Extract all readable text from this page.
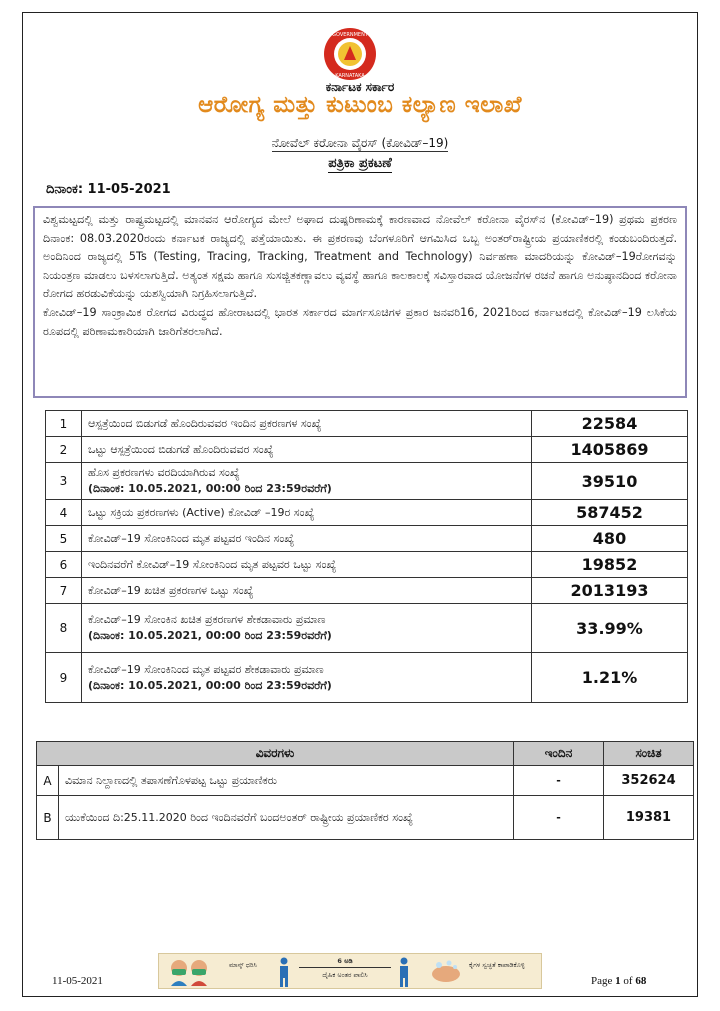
GOVERNMENT
KARNATAKA
ಕರ್ನಾಟಕ ಸರ್ಕಾರ
ಆರೋಗ್ಯ ಮತ್ತು ಕುಟುಂಬ ಕಲ್ಯಾಣ ಇಲಾಖೆ
ನೋವೆಲ್ ಕರೋನಾ ವೈರಸ್ (ಕೋವಿಡ್–19)
ಪತ್ರಿಕಾ ಪ್ರಕಟಣೆ
ದಿನಾಂಕ: 11-05-2021

ವಿಶ್ವಮಟ್ಟದಲ್ಲಿ ಮತ್ತು ರಾಷ್ಟ್ರಮಟ್ಟದಲ್ಲಿ ಮಾನವನ ಆರೋಗ್ಯದ ಮೇಲೆ ಅಘಾದ ದುಷ್ಪರಿಣಾಮಕ್ಕೆ ಕಾರಣವಾದ ನೋವೆಲ್ ಕರೋನಾ ವೈರಸ್‌ನ (ಕೋವಿಡ್–19) ಪ್ರಥಮ ಪ್ರಕರಣ ದಿನಾಂಕ: 08.03.2020ರಂದು ಕರ್ನಾಟಕ ರಾಜ್ಯದಲ್ಲಿ ಪತ್ತೆಯಾಯಿತು. ಈ ಪ್ರಕರಣವು ಬೆಂಗಳೂರಿಗೆ ಆಗಮಿಸಿದ ಒಬ್ಬ ಅಂತರ್‌ರಾಷ್ಟ್ರೀಯ ಪ್ರಯಾಣಿಕರಲ್ಲಿ ಕಂಡುಬಂದಿರುತ್ತದೆ. ಅಂದಿನಿಂದ ರಾಜ್ಯದಲ್ಲಿ 5Ts (Testing, Tracing, Tracking, Treatment and Technology) ನಿರ್ವಹಣಾ ಮಾದರಿಯನ್ನು ಕೋವಿಡ್–19ರೋಗವನ್ನು ನಿಯಂತ್ರಣ ಮಾಡಲು ಬಳಸಲಾಗುತ್ತಿದೆ. ಅತ್ಯಂತ ಸಕ್ಷಮ ಹಾಗೂ ಸುಸಜ್ಜಿತಕಣ್ಣಾವಲು ವ್ಯವಸ್ಥೆ ಹಾಗೂ ಕಾಲಕಾಲಕ್ಕೆ ಸವಿಸ್ತಾರವಾದ ಯೋಜನೆಗಳ ರಚನೆ ಹಾಗೂ ಅನುಷ್ಠಾನದಿಂದ ಕರೋನಾ ರೋಗದ ಹರಡುವಿಕೆಯನ್ನು ಯಶಸ್ವಿಯಾಗಿ ನಿಗ್ರಹಿಸಲಾಗುತ್ತಿದೆ.

ಕೋವಿಡ್–19 ಸಾಂಕ್ರಾಮಿಕ ರೋಗದ ವಿರುದ್ಧದ ಹೋರಾಟದಲ್ಲಿ ಭಾರತ ಸರ್ಕಾರದ ಮಾರ್ಗಸೂಚಿಗಳ ಪ್ರಕಾರ ಜನವರಿ16, 2021ರಿಂದ ಕರ್ನಾಟಕದಲ್ಲಿ ಕೋವಿಡ್–19 ಲಸಿಕೆಯ ರೂಪದಲ್ಲಿ ಪರಿಣಾಮಕಾರಿಯಾಗಿ ಜಾರಿಗೆತರಲಾಗಿದೆ.

1	ಆಸ್ಪತ್ರೆಯಿಂದ ಬಿಡುಗಡೆ ಹೊಂದಿರುವವರ ಇಂದಿನ ಪ್ರಕರಣಗಳ ಸಂಖ್ಯೆ	22584
2	ಒಟ್ಟು ಆಸ್ಪತ್ರೆಯಿಂದ ಬಿಡುಗಡೆ ಹೊಂದಿರುವವರ ಸಂಖ್ಯೆ	1405869
3	ಹೊಸ ಪ್ರಕರಣಗಳು ವರದಿಯಾಗಿರುವ ಸಂಖ್ಯೆ
(ದಿನಾಂಕ: 10.05.2021, 00:00 ರಿಂದ 23:59ರವರೆಗೆ)	39510
4	ಒಟ್ಟು ಸಕ್ರಿಯ ಪ್ರಕರಣಗಳು (Active) ಕೋವಿಡ್ –19ರ ಸಂಖ್ಯೆ	587452
5	ಕೋವಿಡ್–19 ಸೋಂಕಿನಿಂದ ಮೃತ ಪಟ್ಟವರ ಇಂದಿನ ಸಂಖ್ಯೆ	480
6	ಇಂದಿನವರೆಗೆ ಕೋವಿಡ್–19 ಸೋಂಕಿನಿಂದ ಮೃತ ಪಟ್ಟವರ ಒಟ್ಟು ಸಂಖ್ಯೆ	19852
7	ಕೋವಿಡ್–19 ಖಚಿತ ಪ್ರಕರಣಗಳ ಒಟ್ಟು ಸಂಖ್ಯೆ	2013193
8	ಕೋವಿಡ್–19 ಸೋಂಕಿನ ಖಚಿತ ಪ್ರಕರಣಗಳ ಶೇಕಡಾವಾರು ಪ್ರಮಾಣ
(ದಿನಾಂಕ: 10.05.2021, 00:00 ರಿಂದ 23:59ರವರೆಗೆ)	33.99%
9	ಕೋವಿಡ್–19 ಸೋಂಕಿನಿಂದ ಮೃತ ಪಟ್ಟವರ ಶೇಕಡಾವಾರು ಪ್ರಮಾಣ
(ದಿನಾಂಕ: 10.05.2021, 00:00 ರಿಂದ 23:59ರವರೆಗೆ)	1.21%
ವಿವರಗಳು		ಇಂದಿನ	ಸಂಚಿತ
A	ವಿಮಾನ ನಿಲ್ದಾಣದಲ್ಲಿ ತಪಾಸಣೆಗೊಳಪಟ್ಟ ಒಟ್ಟು ಪ್ರಯಾಣಿಕರು	-	352624
B	ಯುಕೆಯಿಂದ ದಿ:25.11.2020 ರಿಂದ ಇಂದಿನವರೆಗೆ ಬಂದಅಂತರ್ ರಾಷ್ಟ್ರೀಯ ಪ್ರಯಾಣಿಕರ ಸಂಖ್ಯೆ	-	19381
ಮಾಸ್ಕ್ ಧರಿಸಿ	6 ಅಡಿ
ದೈಹಿಕ ಅಂತರ ಪಾಲಿಸಿ
ಕೈಗಳ ಸ್ವಚ್ಛತೆ ಕಾಪಾಡಿಕೊಳ್ಳಿ
11-05-2021	Page 1 of 68
